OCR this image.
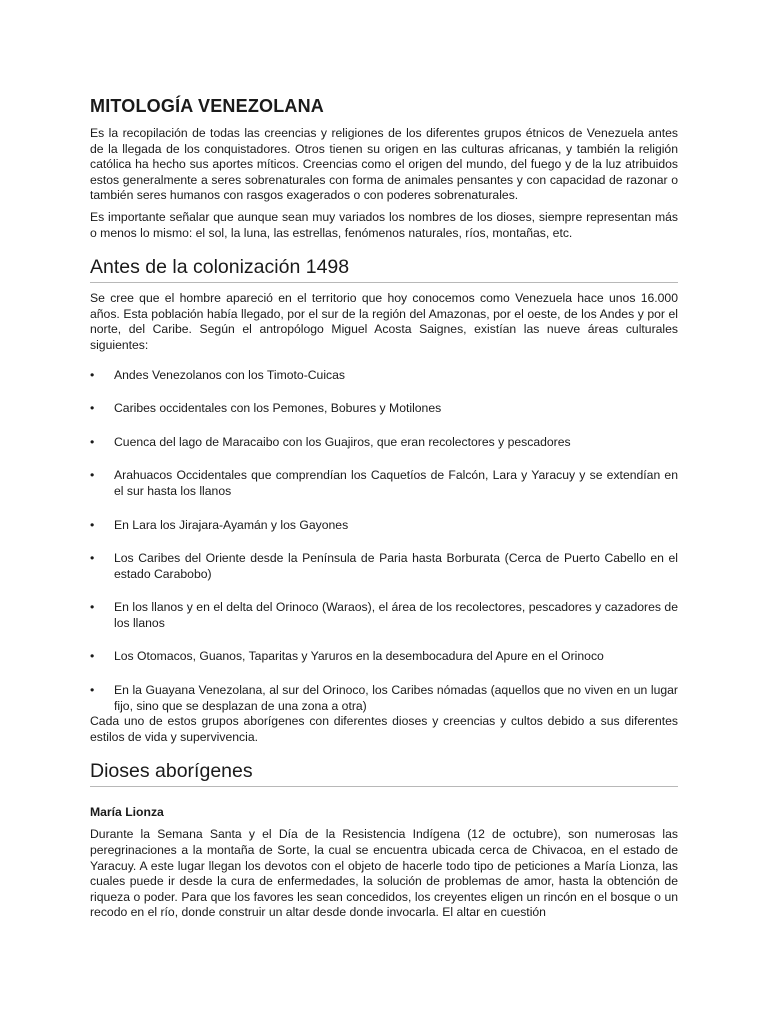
MITOLOGÍA VENEZOLANA

Es la recopilación de todas las creencias y religiones de los diferentes grupos étnicos de Venezuela antes de la llegada de los conquistadores. Otros tienen su origen en las culturas africanas, y también la religión católica ha hecho sus aportes míticos. Creencias como el origen del mundo, del fuego y de la luz atribuidos estos generalmente a seres sobrenaturales con forma de animales pensantes y con capacidad de razonar o también seres humanos con rasgos exagerados o con poderes sobrenaturales.

Es importante señalar que aunque sean muy variados los nombres de los dioses, siempre representan más o menos lo mismo: el sol, la luna, las estrellas, fenómenos naturales, ríos, montañas, etc.

Antes de la colonización 1498

Se cree que el hombre apareció en el territorio que hoy conocemos como Venezuela hace unos 16.000 años. Esta población había llegado, por el sur de la región del Amazonas, por el oeste, de los Andes y por el norte, del Caribe. Según el antropólogo Miguel Acosta Saignes, existían las nueve áreas culturales siguientes:

• Andes Venezolanos con los Timoto-Cuicas
• Caribes occidentales con los Pemones, Bobures y Motilones
• Cuenca del lago de Maracaibo con los Guajiros, que eran recolectores y pescadores
• Arahuacos Occidentales que comprendían los Caquetíos de Falcón, Lara y Yaracuy y se extendían en el sur hasta los llanos
• En Lara los Jirajara-Ayamán y los Gayones
• Los Caribes del Oriente desde la Península de Paria hasta Borburata (Cerca de Puerto Cabello en el estado Carabobo)
• En los llanos y en el delta del Orinoco (Waraos), el área de los recolectores, pescadores y cazadores de los llanos
• Los Otomacos, Guanos, Taparitas y Yaruros en la desembocadura del Apure en el Orinoco
• En la Guayana Venezolana, al sur del Orinoco, los Caribes nómadas (aquellos que no viven en un lugar fijo, sino que se desplazan de una zona a otra)

Cada uno de estos grupos aborígenes con diferentes dioses y creencias y cultos debido a sus diferentes estilos de vida y supervivencia.

Dioses aborígenes
María Lionza

Durante la Semana Santa y el Día de la Resistencia Indígena (12 de octubre), son numerosas las peregrinaciones a la montaña de Sorte, la cual se encuentra ubicada cerca de Chivacoa, en el estado de Yaracuy. A este lugar llegan los devotos con el objeto de hacerle todo tipo de peticiones a María Lionza, las cuales puede ir desde la cura de enfermedades, la solución de problemas de amor, hasta la obtención de riqueza o poder. Para que los favores les sean concedidos, los creyentes eligen un rincón en el bosque o un recodo en el río, donde construir un altar desde donde invocarla. El altar en cuestión
